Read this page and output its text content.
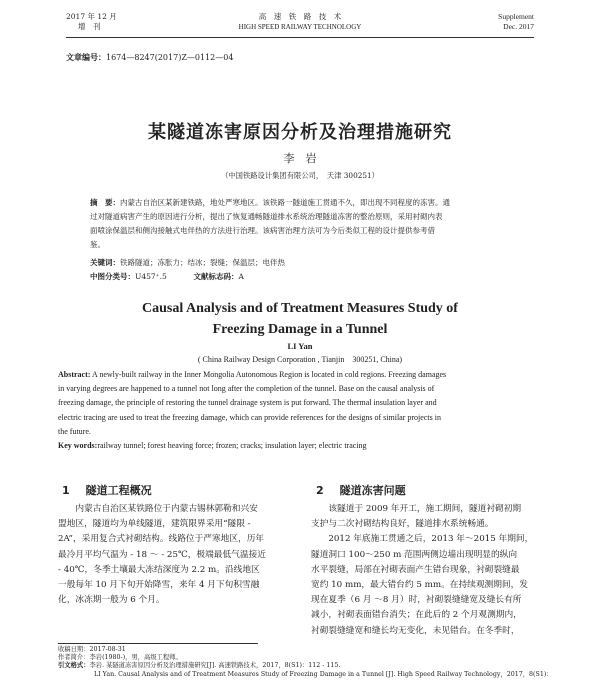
2017 年 12 月
增　刊
高　速　铁　路　技　术
HIGH SPEED RAILWAY TECHNOLOGY
Supplement
Dec. 2017
文章编号：1674—8247(2017)Z—0112—04
某隧道冻害原因分析及治理措施研究
李　岩
（中国铁路设计集团有限公司，　天津 300251）
摘　要：内蒙古自治区某新建铁路，地处严寒地区。该铁路一隧道施工贯通不久，即出现不同程度的冻害。通
过对隧道病害产生的原因进行分析，提出了恢复通畅隧道排水系统治理隧道冻害的整治原则，采用衬砌内表
面喷涂保温层和侧沟接触式电伴热的方法进行治理。该病害治理方法可为今后类似工程的设计提供参考借
鉴。
关键词：铁路隧道；冻胀力；结冰；裂缝；保温层；电伴热
中图分类号：U457⁺.5	文献标志码：A
Causal Analysis and of Treatment Measures Study of
Freezing Damage in a Tunnel
LI Yan
( China Railway Design Corporation , Tianjin　300251, China)
Abstract: A newly-built railway in the Inner Mongolia Autonomous Region is located in cold regions. Freezing damages
in varying degrees are happened to a tunnel not long after the completion of the tunnel. Base on the causal analysis of
freezing damage, the principle of restoring the tunnel drainage system is put forward. The thermal insulation layer and
electric tracing are used to treat the freezing damage, which can provide references for the designs of similar projects in
the future.
Key words:railway tunnel; forest heaving force; frozen; cracks; insulation layer; electric tracing
1 隧道工程概况
　　内蒙古自治区某铁路位于内蒙古锡林郭勒和兴安
盟地区，隧道均为单线隧道，建筑限界采用“隧限 -
2A”，采用复合式衬砌结构。线路位于严寒地区，历年
最冷月平均气温为 - 18 ～ - 25℃，极端最低气温接近
- 40℃，冬季土壤最大冻结深度为 2.2 m。沿线地区
一般每年 10 月下旬开始降雪，来年 4 月下旬积雪融
化，冰冻期一般为 6 个月。
2 隧道冻害问题
　　该隧道于 2009 年开工，施工期间，隧道衬砌初期
支护与二次衬砌结构良好，隧道排水系统畅通。
　　2012 年底施工贯通之后，2013 年～2015 年期间，
隧道洞口 100～250 m 范围两侧边墙出现明显的纵向
水平裂缝，局部在衬砌表面产生错台现象，衬砌裂缝最
宽约 10 mm，最大错台约 5 mm。在持续观测期间，发
现在夏季（6 月 ～8 月）时，衬砌裂缝缝宽及缝长有所
减小，衬砌表面错台消失；在此后的 2 个月观测期内，
衬砌裂缝缝宽和缝长均无变化，未见错台。在冬季时，
收稿日期：2017-08-31
作者简介：李岩(1980-)，男，高级工程师。
引文格式：李岩. 某隧道冻害原因分析及治理措施研究[J]. 高速铁路技术，2017，8(S1)：112 - 115.
LI Yan. Causal Analysis and of Treatment Measures Study of Freezing Damage in a Tunnel [J]. High Speed Railway Technology，2017，8(S1)：
